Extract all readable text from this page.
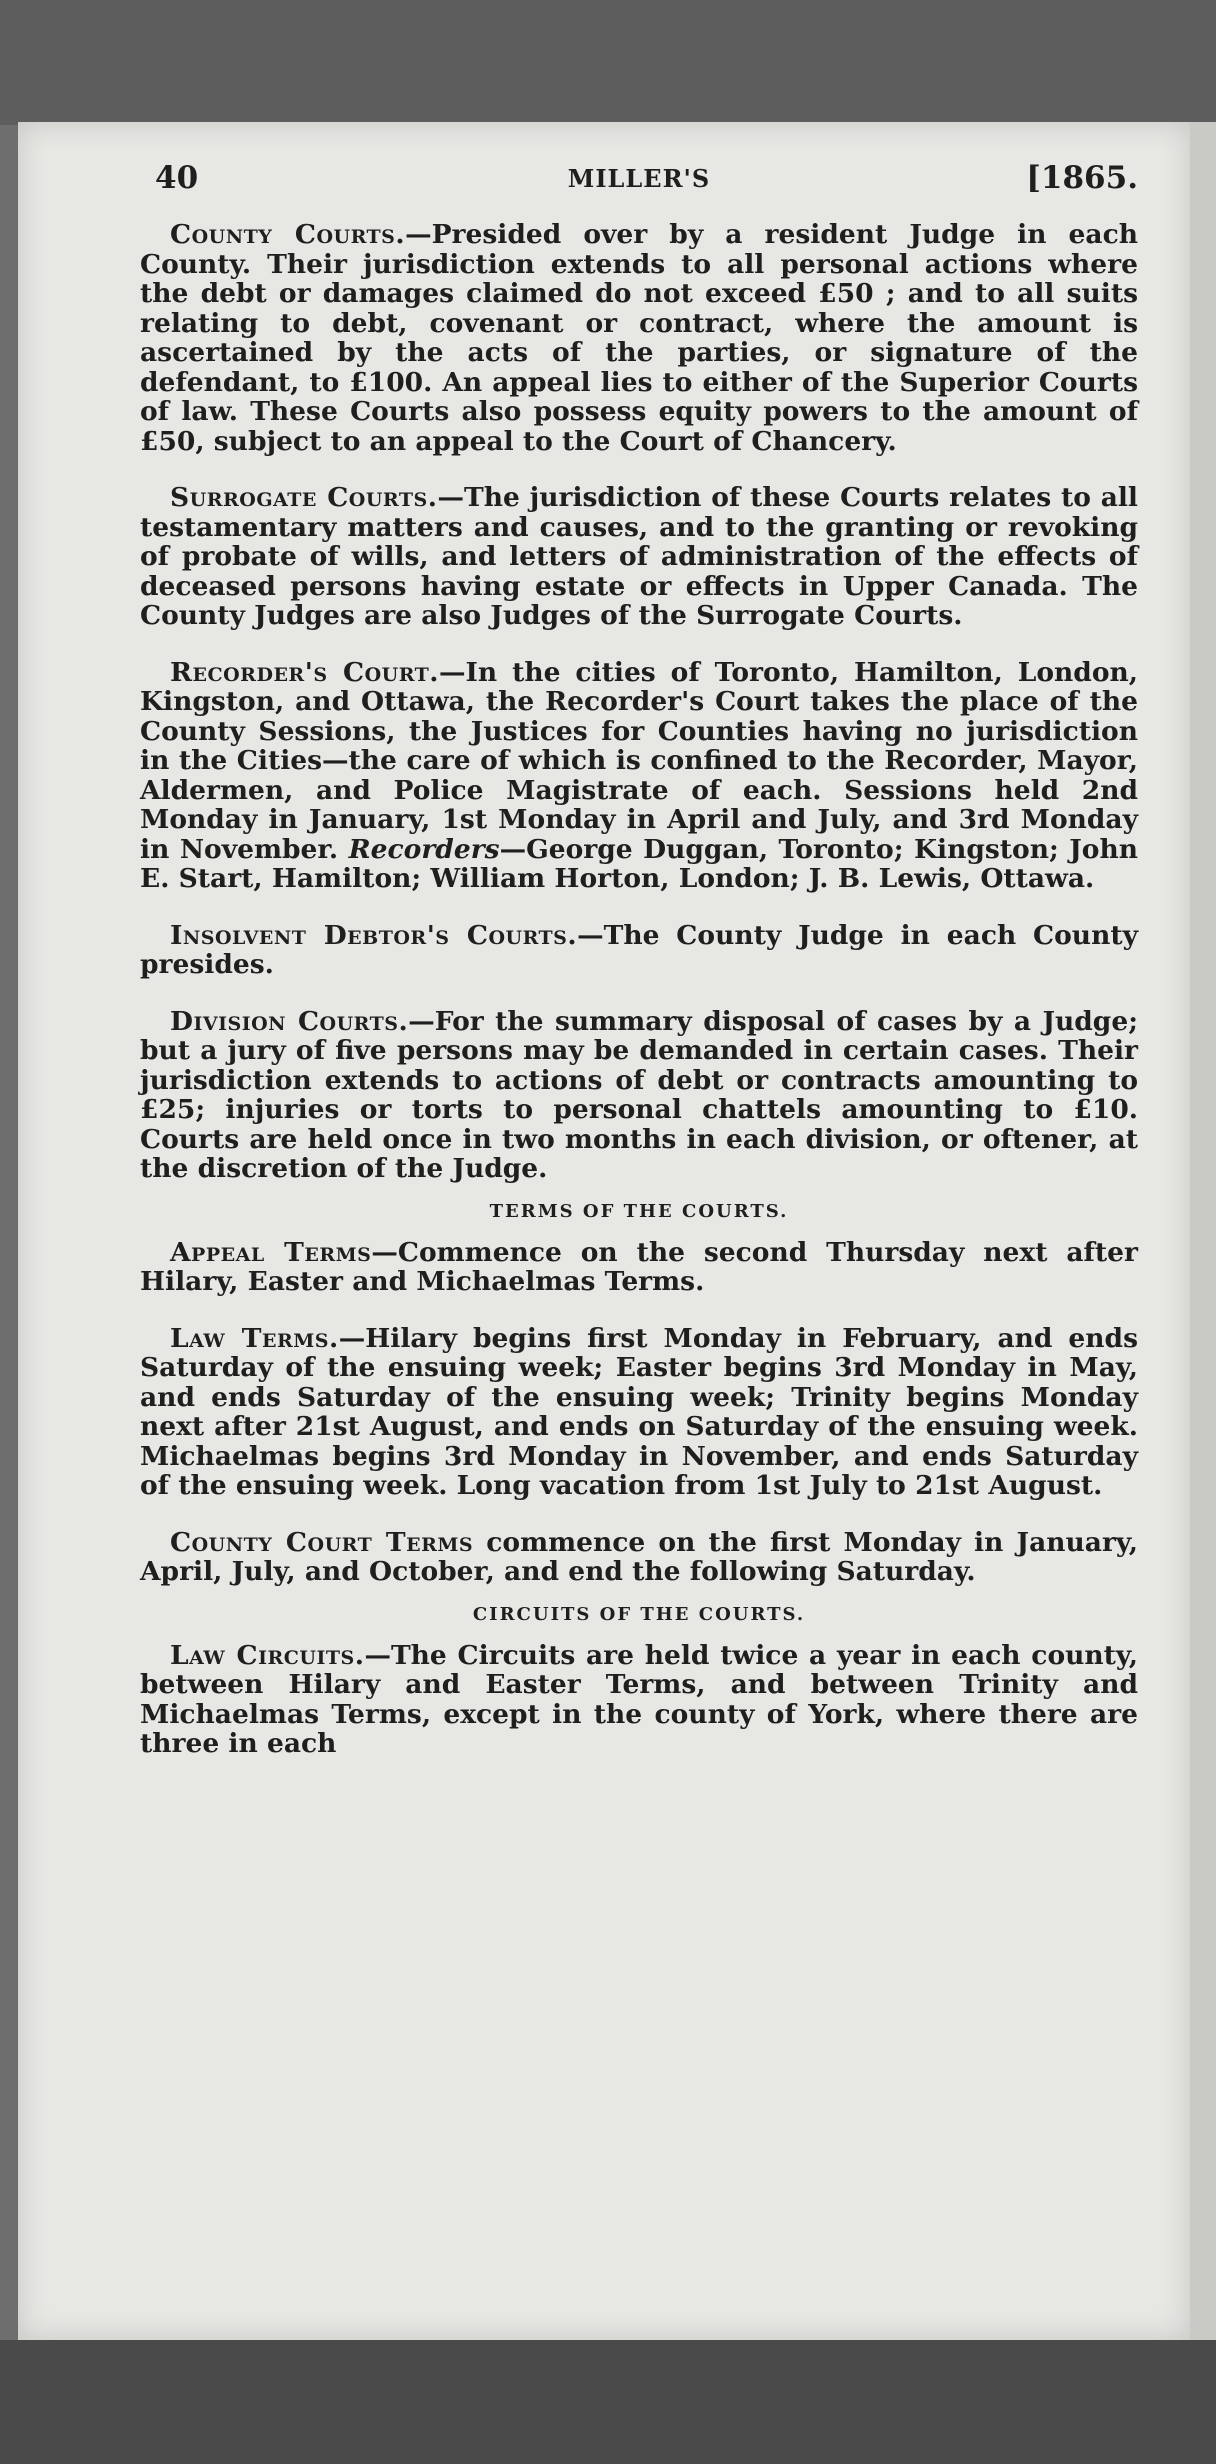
40	MILLER'S	[1865.

County Courts.—Presided over by a resident Judge in each County. Their jurisdiction extends to all personal actions where the debt or damages claimed do not exceed £50 ; and to all suits relating to debt, covenant or contract, where the amount is ascertained by the acts of the parties, or signature of the defendant, to £100. An appeal lies to either of the Superior Courts of law. These Courts also possess equity powers to the amount of £50, subject to an appeal to the Court of Chancery.

Surrogate Courts.—The jurisdiction of these Courts relates to all testamentary matters and causes, and to the granting or revoking of probate of wills, and letters of administration of the effects of deceased persons having estate or effects in Upper Canada. The County Judges are also Judges of the Surrogate Courts.

Recorder's Court.—In the cities of Toronto, Hamilton, London, Kingston, and Ottawa, the Recorder's Court takes the place of the County Sessions, the Justices for Counties having no jurisdiction in the Cities—the care of which is confined to the Recorder, Mayor, Aldermen, and Police Magistrate of each. Sessions held 2nd Monday in January, 1st Monday in April and July, and 3rd Monday in November. Recorders—George Duggan, Toronto; Kingston; John E. Start, Hamilton; William Horton, London; J. B. Lewis, Ottawa.

Insolvent Debtor's Courts.—The County Judge in each County presides.

Division Courts.—For the summary disposal of cases by a Judge; but a jury of five persons may be demanded in certain cases. Their jurisdiction extends to actions of debt or contracts amounting to £25; injuries or torts to personal chattels amounting to £10. Courts are held once in two months in each division, or oftener, at the discretion of the Judge.

TERMS OF THE COURTS.

Appeal Terms—Commence on the second Thursday next after Hilary, Easter and Michaelmas Terms.

Law Terms.—Hilary begins first Monday in February, and ends Saturday of the ensuing week; Easter begins 3rd Monday in May, and ends Saturday of the ensuing week; Trinity begins Monday next after 21st August, and ends on Saturday of the ensuing week. Michaelmas begins 3rd Monday in November, and ends Saturday of the ensuing week. Long vacation from 1st July to 21st August.

County Court Terms commence on the first Monday in January, April, July, and October, and end the following Saturday.

CIRCUITS OF THE COURTS.

Law Circuits.—The Circuits are held twice a year in each county, between Hilary and Easter Terms, and between Trinity and Michaelmas Terms, except in the county of York, where there are three in each
